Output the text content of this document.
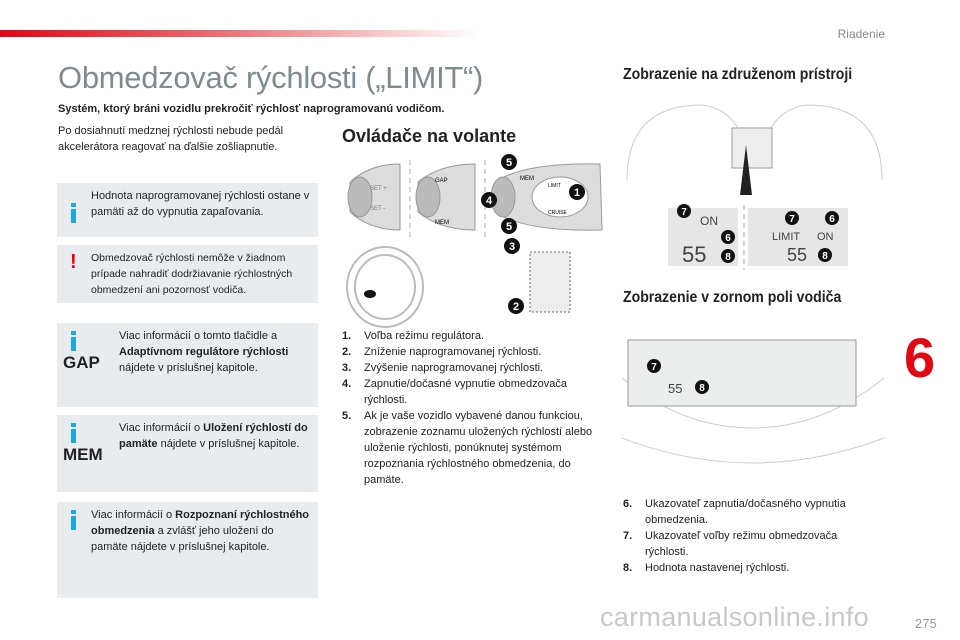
Riadenie
Obmedzovač rýchlosti („LIMIT“)
Systém, ktorý bráni vozidlu prekročiť rýchlosť naprogramovanú vodičom.
Po dosiahnutí medznej rýchlosti nebude pedál akcelerátora reagovať na ďalšie zošliapnutie.
Hodnota naprogramovanej rýchlosti ostane v pamäti až do vypnutia zapaľovania.
! Obmedzovač rýchlosti nemôže v žiadnom prípade nahradiť dodržiavanie rýchlostných obmedzení ani pozornosť vodiča.
GAP
Viac informácií o tomto tlačidle a Adaptívnom regulátore rýchlosti nájdete v príslušnej kapitole.
MEM
Viac informácií o Uložení rýchlostí do pamäte nájdete v príslušnej kapitole.
Viac informácií o Rozpoznaní rýchlostného obmedzenia a zvlášť jeho uložení do pamäte nájdete v príslušnej kapitole.
Ovládače na volante
GAP
MEM
MEM
SET +
SET -
LIMIT
CRUISE
1
2
3
4
5
5
1.	Voľba režimu regulátora.
2.	Zníženie naprogramovanej rýchlosti.
3.	Zvýšenie naprogramovanej rýchlosti.
4.	Zapnutie/dočasné vypnutie obmedzovača rýchlosti.
5.	Ak je vaše vozidlo vybavené danou funkciou, zobrazenie zoznamu uložených rýchlostí alebo uloženie rýchlosti, ponúknutej systémom rozpoznania rýchlostného obmedzenia, do pamäte.
Zobrazenie na združenom prístroji
ON
55
LIMIT ON
55
7
6
8
7	6
8
Zobrazenie v zornom poli vodiča
55
7
8
6.	Ukazovateľ zapnutia/dočasného vypnutia obmedzenia.
7.	Ukazovateľ voľby režimu obmedzovača rýchlosti.
8.	Hodnota nastavenej rýchlosti.
6
carmanualsonline.info	275
